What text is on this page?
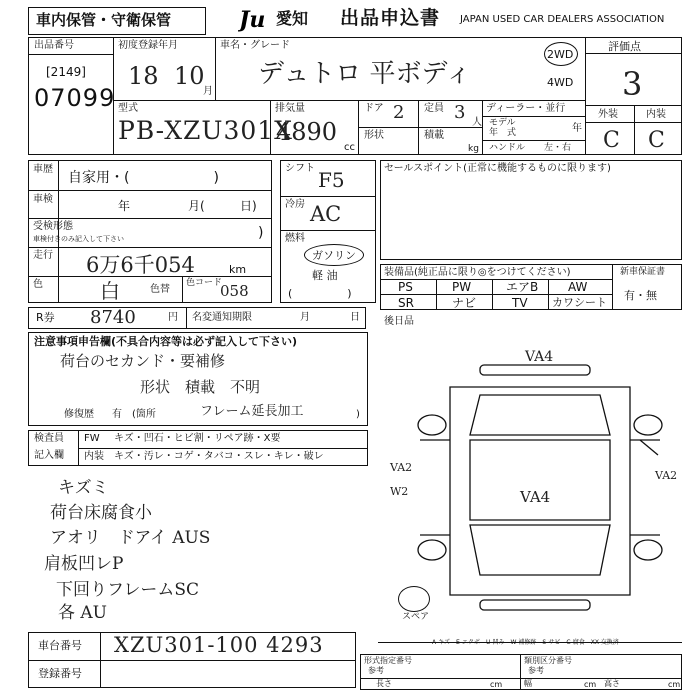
車内保管・守衛保管	Ju 愛知 出品申込書 JAPAN USED CAR DEALERS ASSOCIATION
出品番号
[2149]
07099
初度登録年月
18 10
月
車名・グレード
デュトロ 平ボディ
2WD
4WD
評価点
3
外装	内装
C C
型式
PB-XZU301X
排気量
4890
cc
ドア 2 定員 3 人
形状	積載
kg
ディーラー・並行
モデル
年　式	年
ハンドル 左・右
車歴
自家用・(　　　　　　)
車検	年	月(	日)
受検形態
車検付きのみ記入して下さい	)
走行 6万6千054	km
色	白	色替
色コード
058
R券 8740	円 名変通知期限	月	日
シフト F5
冷房 AC
燃料
ガソリン
軽 油
(　　　　　)
セールスポイント(正常に機能するものに限ります)
装備品(純正品に限り◎をつけてください)
PS	PW	エアB AW
SR	ナビ	TV カワシート
新車保証書
有・無
注意事項申告欄(不具合内容等は必ず記入して下さい)
荷台のセカンド・要補修
形状　積載　不明
修復歴 有　(箇所	フレーム延長加工	)
検査員
記入欄
FW キズ・凹石・ヒビ割・リペア跡・X要
内装 キズ・汚レ・コゲ・タバコ・スレ・キレ・破レ
キズミ
荷台床腐食小
アオリ　ドアイ AUS
肩板凹レP
下回りフレームSC
各 AU
後日品
VA4
VA4
VA2
W2
VA2
スペア
A-キズ　E-エクボ　U-凹み　W-補修跡　S-サビ　C-腐食　XX-交換済
車台番号 XZU301-100 4293
登録番号
形式指定番号
参考
類別区分番号
参考
長さ	cm	幅	cm 高さ	cm
